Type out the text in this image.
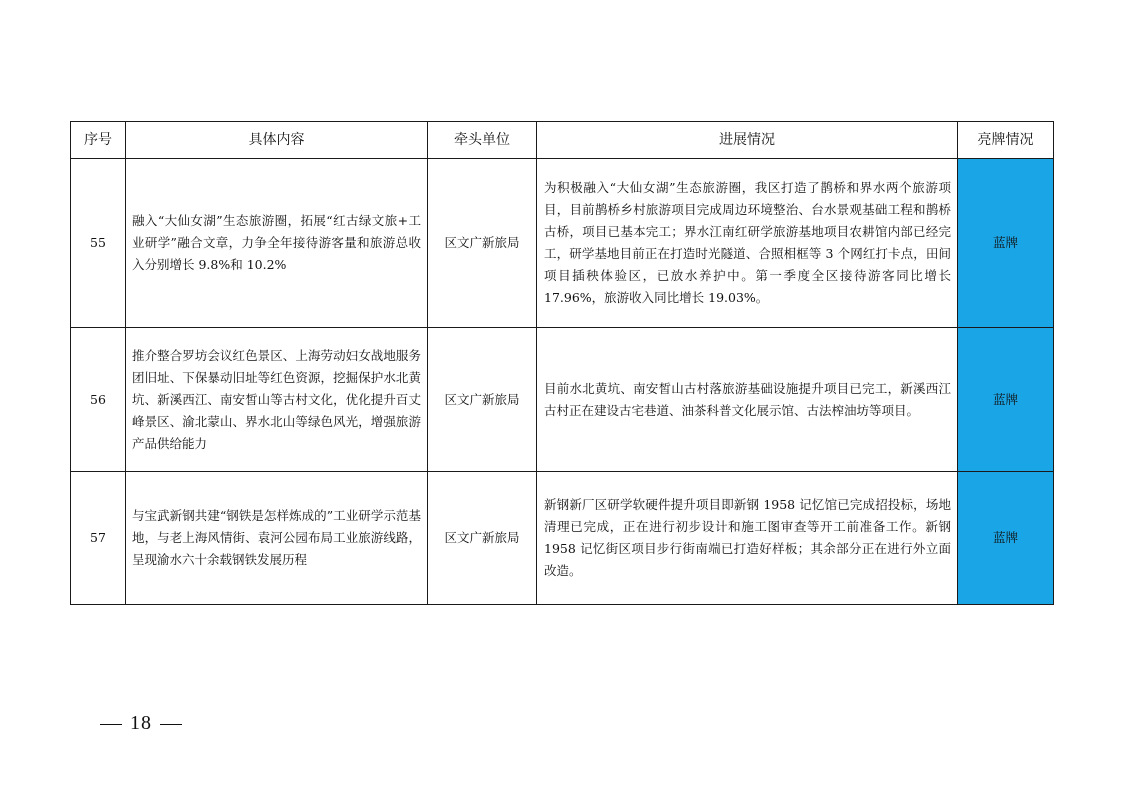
序号	具体内容	牵头单位	进展情况	亮牌情况
55	融入“大仙女湖”生态旅游圈，拓展“红古绿文旅+工业研学”融合文章，力争全年接待游客量和旅游总收入分别增长 9.8%和 10.2%	区文广新旅局	为积极融入“大仙女湖”生态旅游圈，我区打造了鹊桥和界水两个旅游项目，目前鹊桥乡村旅游项目完成周边环境整治、台水景观基础工程和鹊桥古桥，项目已基本完工；界水江南红研学旅游基地项目农耕馆内部已经完工，研学基地目前正在打造时光隧道、合照相框等 3 个网红打卡点，田间项目插秧体验区，已放水养护中。第一季度全区接待游客同比增长 17.96%，旅游收入同比增长 19.03%。	蓝牌
56	推介整合罗坊会议红色景区、上海劳动妇女战地服务团旧址、下保暴动旧址等红色资源，挖掘保护水北黄坑、新溪西江、南安皙山等古村文化，优化提升百丈峰景区、渝北蒙山、界水北山等绿色风光，增强旅游产品供给能力	区文广新旅局	目前水北黄坑、南安皙山古村落旅游基础设施提升项目已完工，新溪西江古村正在建设古宅巷道、油茶科普文化展示馆、古法榨油坊等项目。	蓝牌
57	与宝武新钢共建“钢铁是怎样炼成的”工业研学示范基地，与老上海风情街、袁河公园布局工业旅游线路，呈现渝水六十余载钢铁发展历程	区文广新旅局	新钢新厂区研学软硬件提升项目即新钢 1958 记忆馆已完成招投标，场地清理已完成，正在进行初步设计和施工图审查等开工前准备工作。新钢 1958 记忆街区项目步行街南端已打造好样板；其余部分正在进行外立面改造。	蓝牌
18
